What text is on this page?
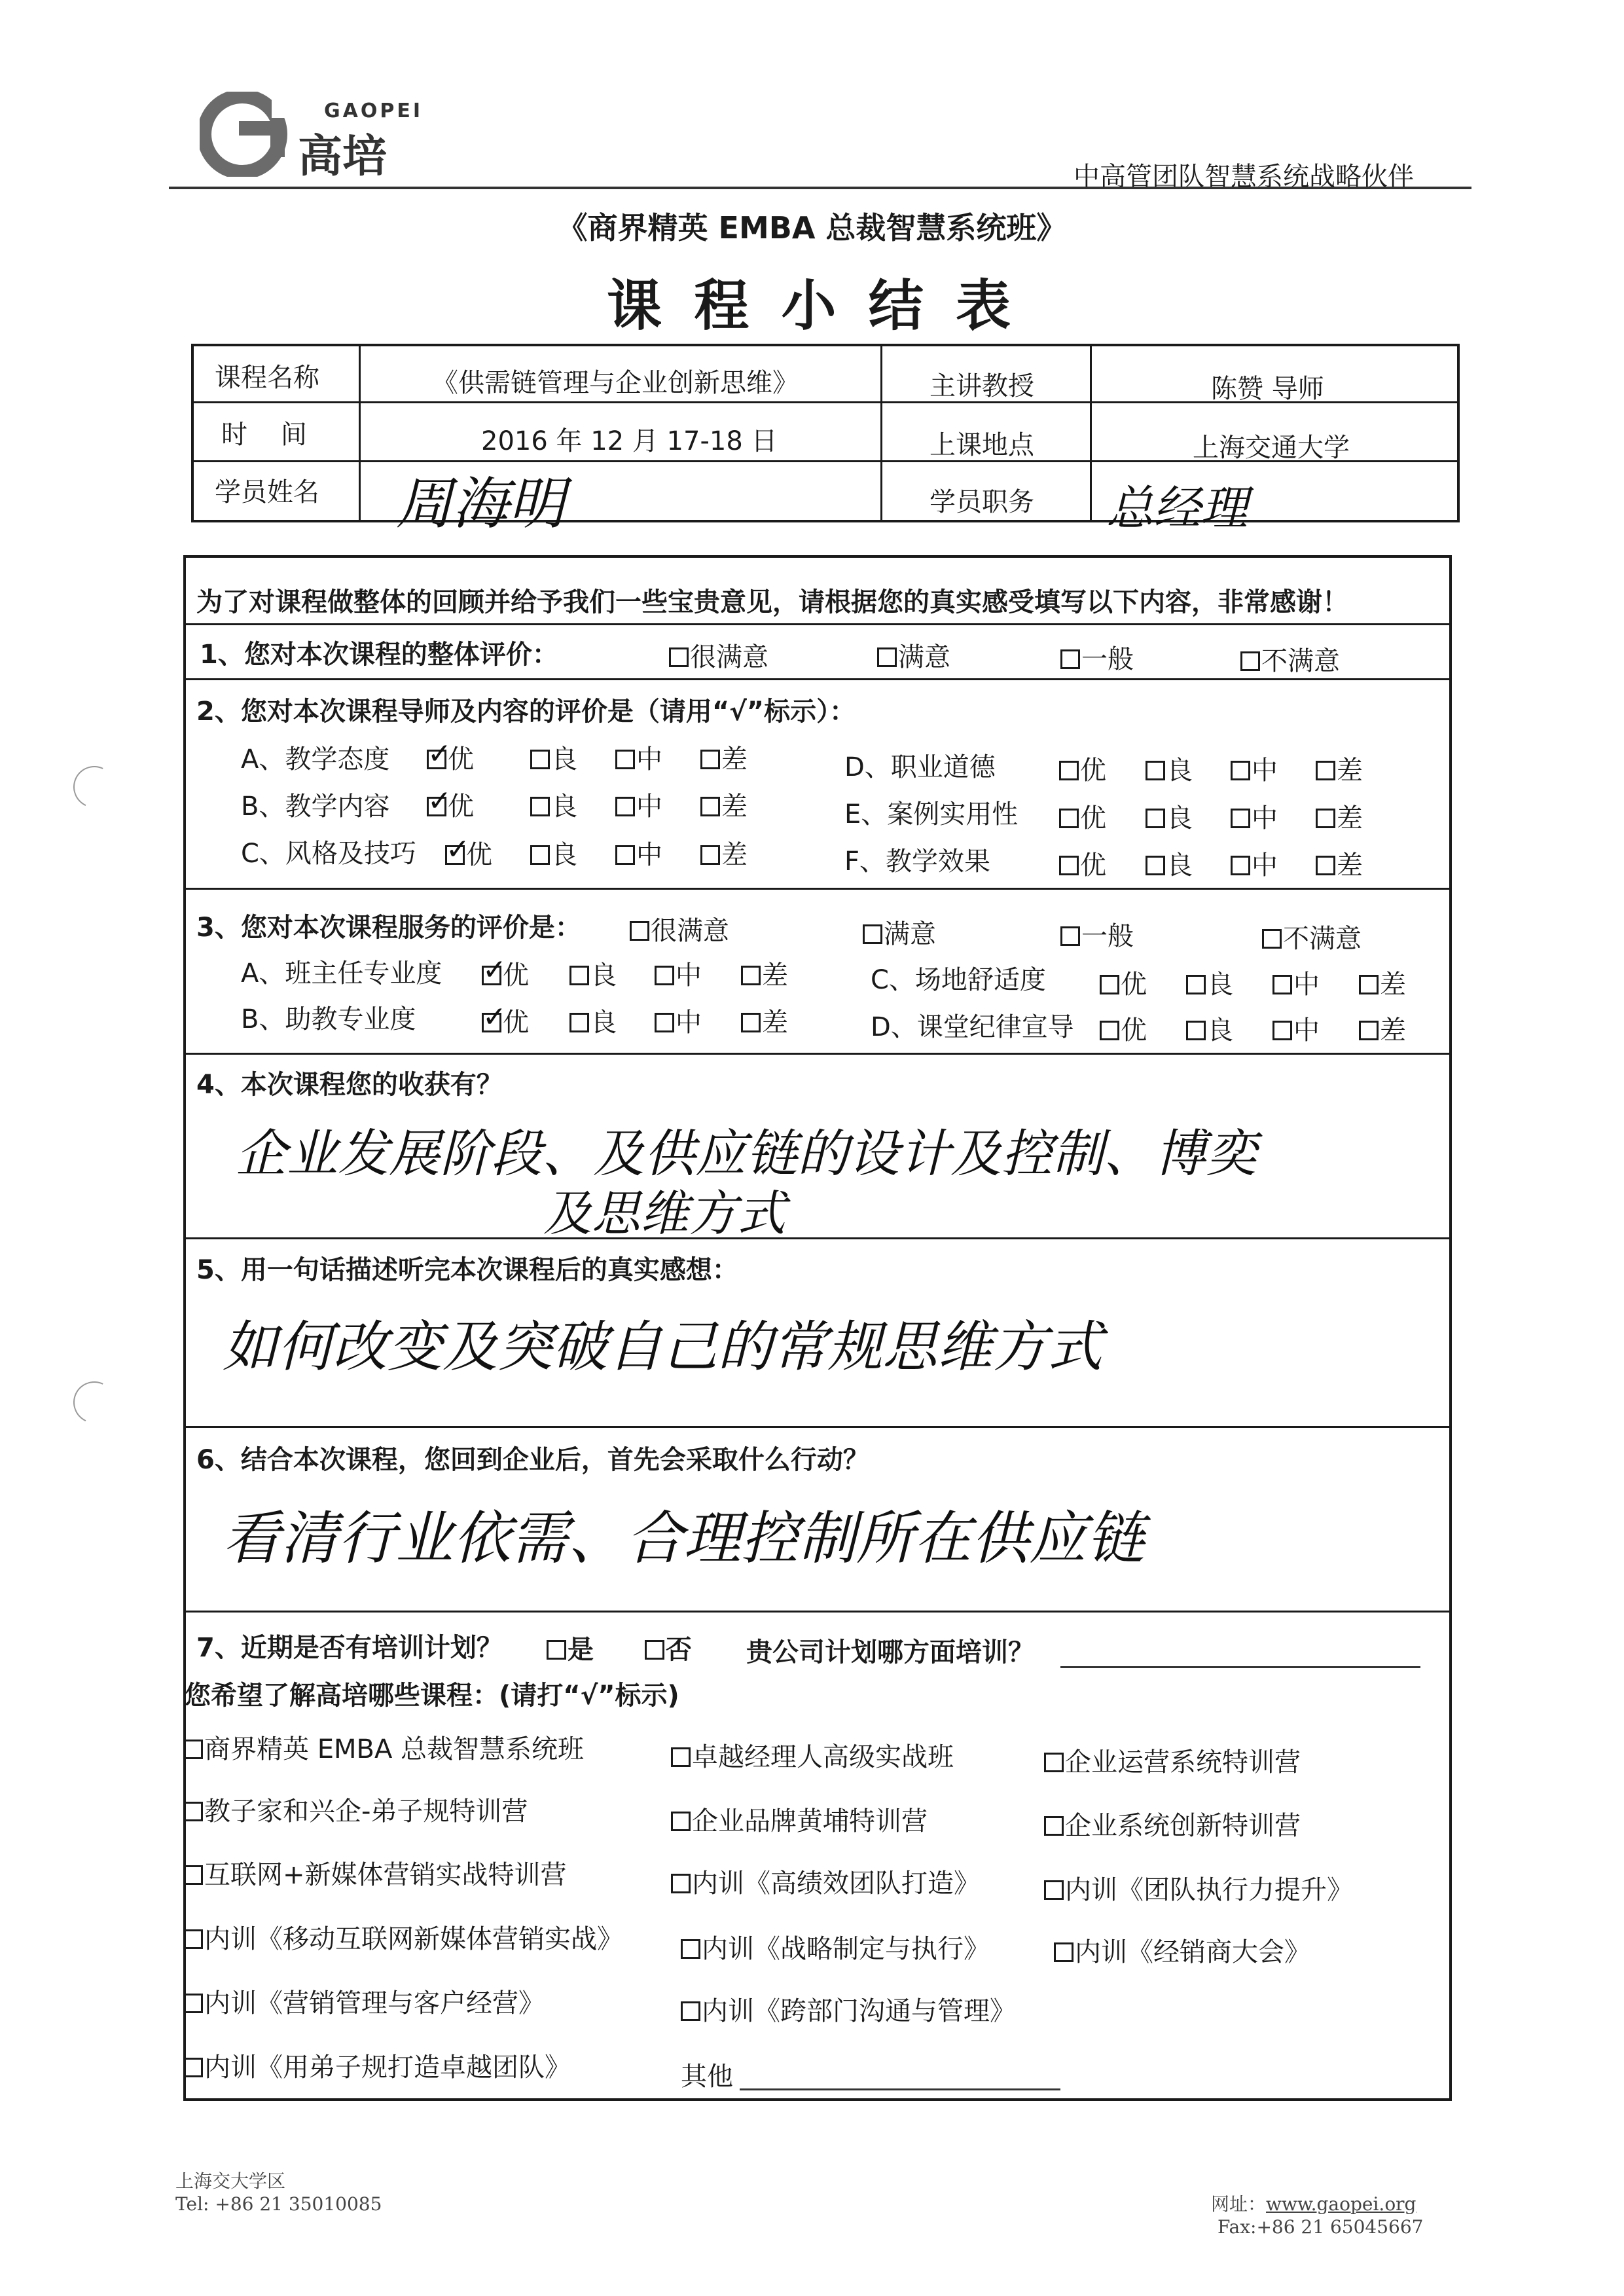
GAOPEI
高培	中高管团队智慧系统战略伙伴
《商界精英 EMBA 总裁智慧系统班》
课 程 小 结 表
课程名称	《供需链管理与企业创新思维》	主讲教授	陈赞 导师
时    间	2016 年 12 月 17-18 日	上课地点	上海交通大学
学员姓名 周海明	学员职务 总经理
为了对课程做整体的回顾并给予我们一些宝贵意见，请根据您的真实感受填写以下内容，非常感谢！
1、您对本次课程的整体评价：	很满意	满意	一般	不满意
2、您对本次课程导师及内容的评价是（请用“√”标示）：
A、教学态度 ✓	优	良	中	差	D、职业道德	优	良	中	差
B、教学内容 ✓	优	良	中	差	E、案例实用性	优	良	中	差
C、风格及技巧 ✓	优	良	中	差	F、教学效果	优	良	中	差
3、您对本次课程服务的评价是：	很满意	满意	一般	不满意
A、班主任专业度 ✓	优	良	中	差	C、场地舒适度	优	良	中	差
B、助教专业度 ✓	优	良	中	差	D、课堂纪律宣导	优	良	中	差
4、本次课程您的收获有？
企业发展阶段、及供应链的设计及控制、博奕
及思维方式
5、用一句话描述听完本次课程后的真实感想：
如何改变及突破自己的常规思维方式
6、结合本次课程，您回到企业后，首先会采取什么行动？
看清行业依需、合理控制所在供应链
7、近期是否有培训计划？	是	否 贵公司计划哪方面培训？
您希望了解高培哪些课程：(请打“√”标示)
商界精英 EMBA 总裁智慧系统班
教子家和兴企-弟子规特训营
互联网+新媒体营销实战特训营
内训《移动互联网新媒体营销实战》
内训《营销管理与客户经营》
内训《用弟子规打造卓越团队》
卓越经理人高级实战班
企业品牌黄埔特训营
内训《高绩效团队打造》
内训《战略制定与执行》
内训《跨部门沟通与管理》
其他
企业运营系统特训营
企业系统创新特训营
内训《团队执行力提升》
内训《经销商大会》
上海交大学区
Tel: +86 21 35010085	网址：www.gaopei.org
Fax:+86 21 65045667
